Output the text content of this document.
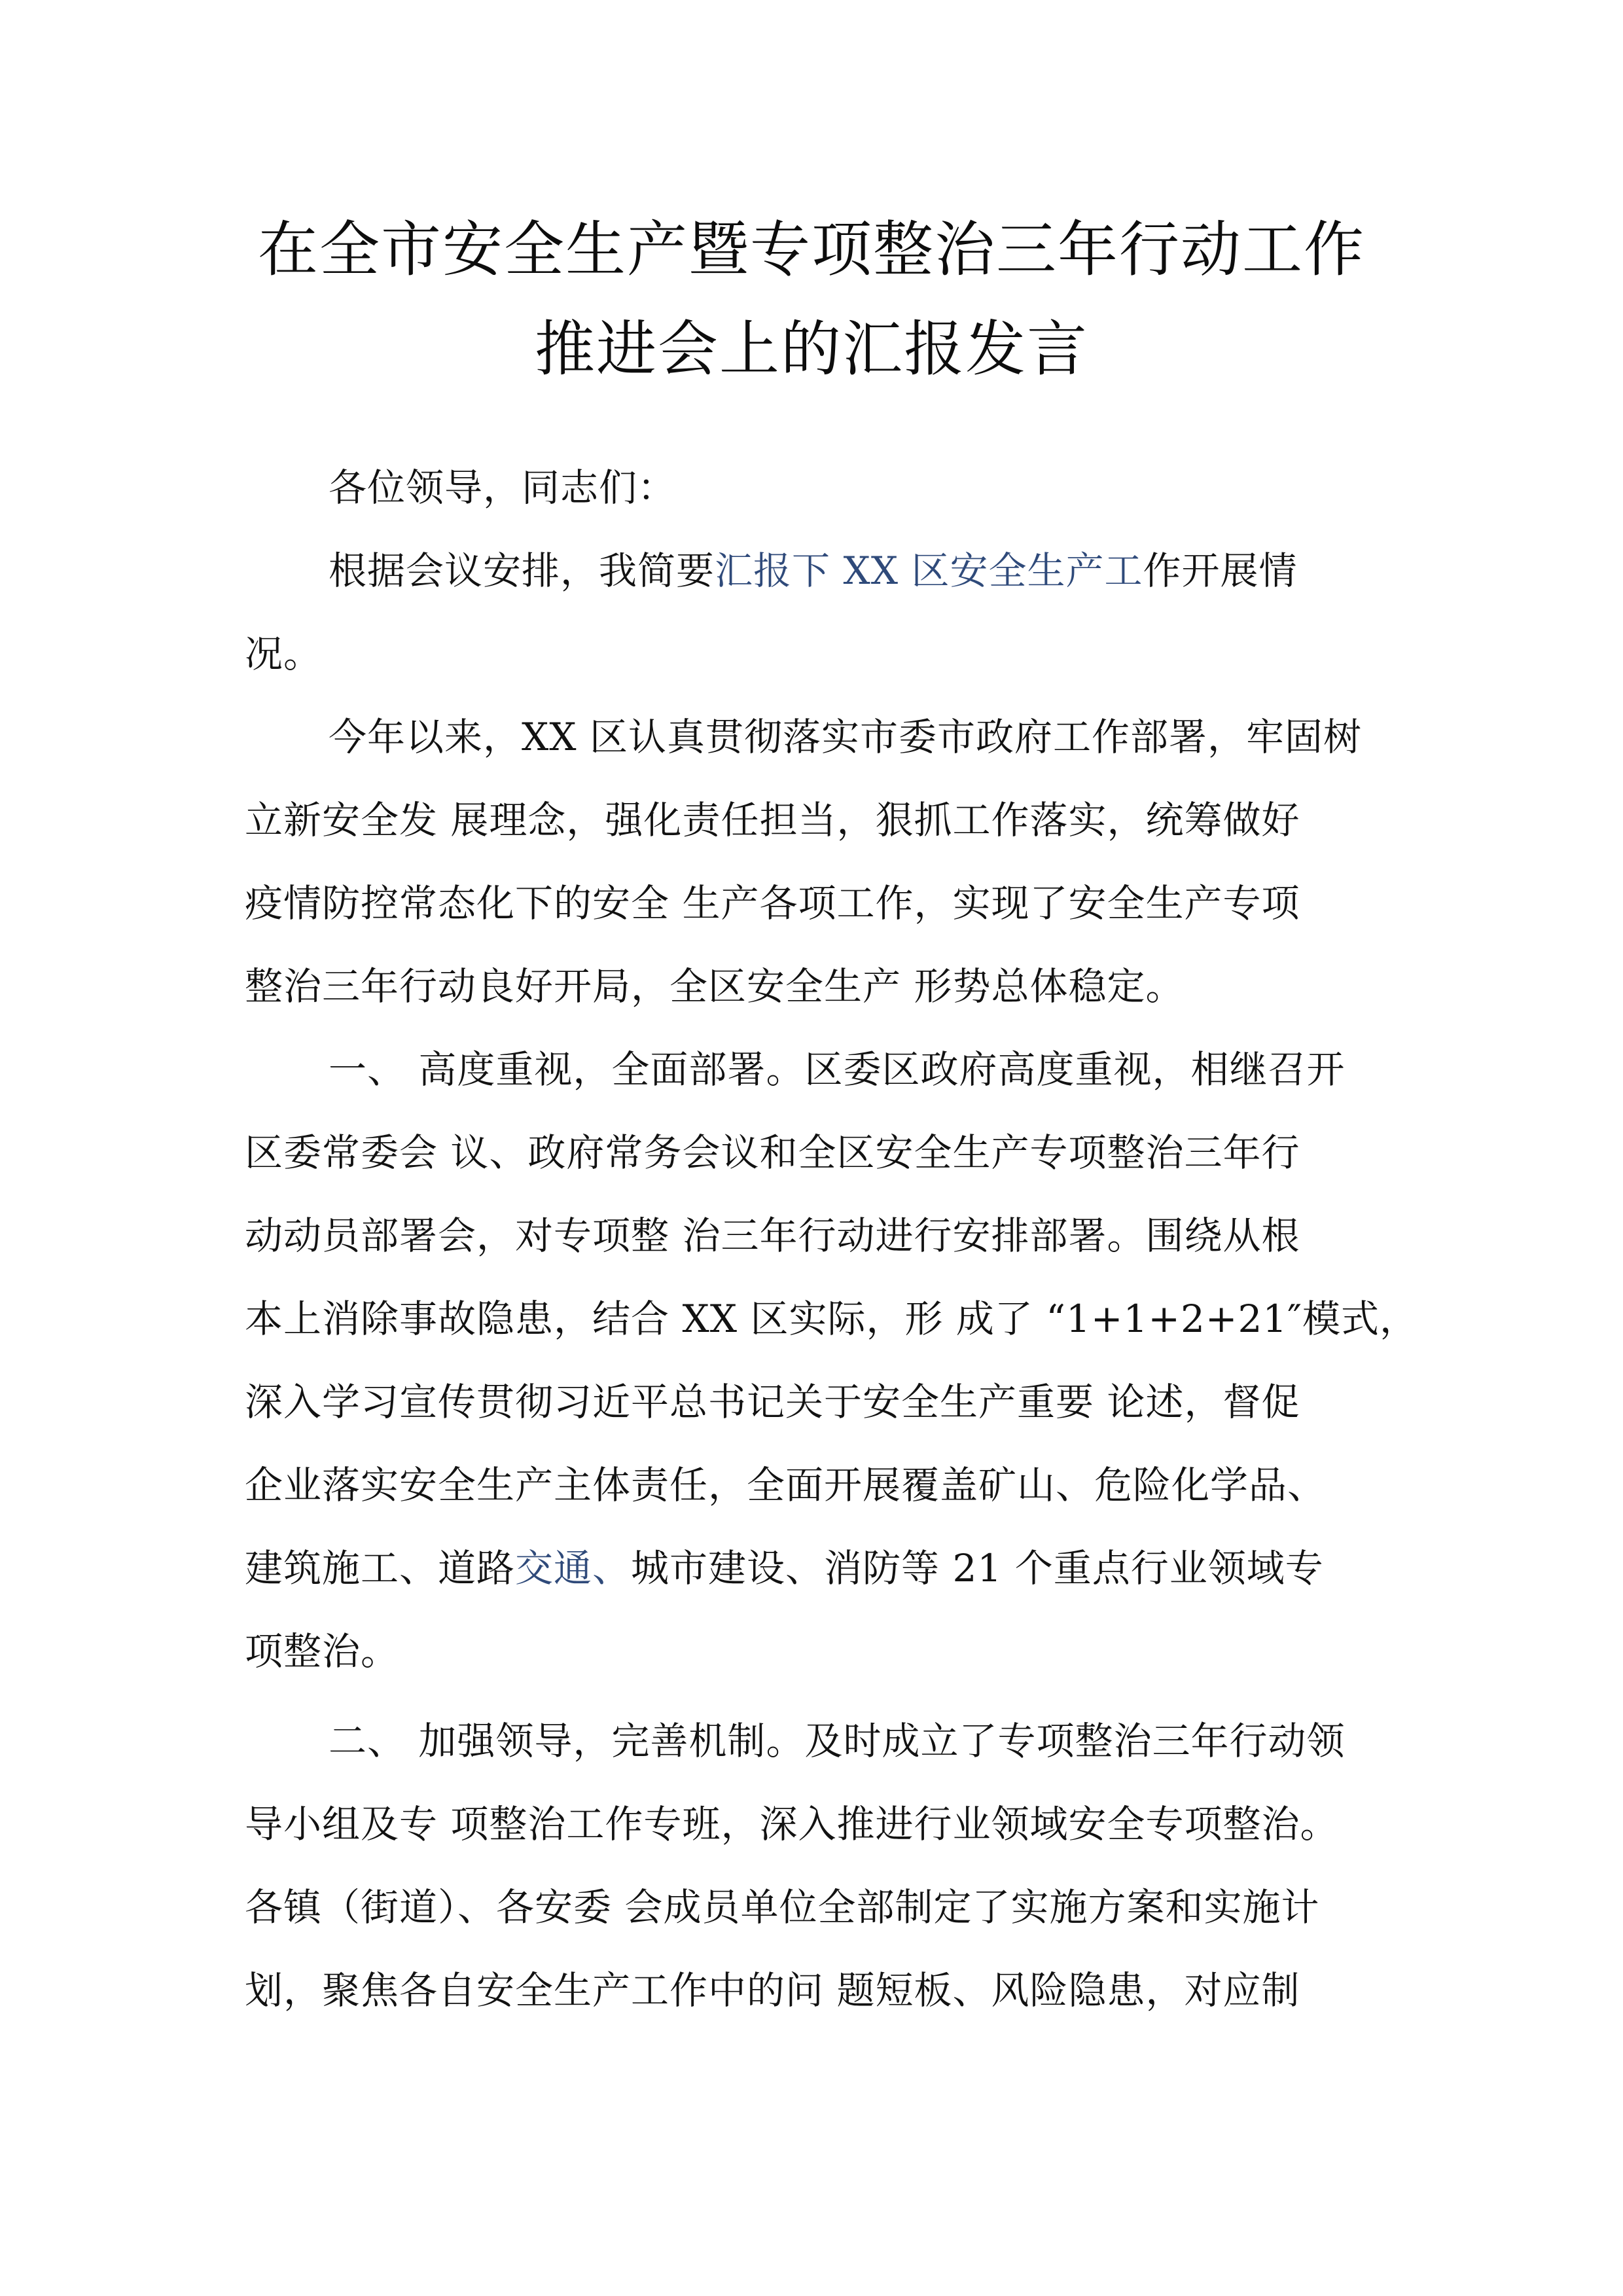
在全市安全生产暨专项整治三年行动工作
推进会上的汇报发言
各位领导，同志们：
根据会议安排，我简要汇报下 XX 区安全生产工作开展情
况。
今年以来，XX 区认真贯彻落实市委市政府工作部署，牢固树
立新安全发 展理念，强化责任担当，狠抓工作落实，统筹做好
疫情防控常态化下的安全 生产各项工作，实现了安全生产专项
整治三年行动良好开局，全区安全生产 形势总体稳定。
一、 高度重视，全面部署。区委区政府高度重视，相继召开
区委常委会 议、政府常务会议和全区安全生产专项整治三年行
动动员部署会，对专项整 治三年行动进行安排部署。围绕从根
本上消除事故隐患，结合 XX 区实际，形 成了 “1+1+2+21″模式，
深入学习宣传贯彻习近平总书记关于安全生产重要 论述，督促
企业落实安全生产主体责任，全面开展覆盖矿山、危险化学品、
建筑施工、道路交通、城市建设、消防等 21 个重点行业领域专
项整治。
二、 加强领导，完善机制。及时成立了专项整治三年行动领
导小组及专 项整治工作专班，深入推进行业领域安全专项整治。
各镇（街道）、各安委 会成员单位全部制定了实施方案和实施计
划，聚焦各自安全生产工作中的问 题短板、风险隐患，对应制
